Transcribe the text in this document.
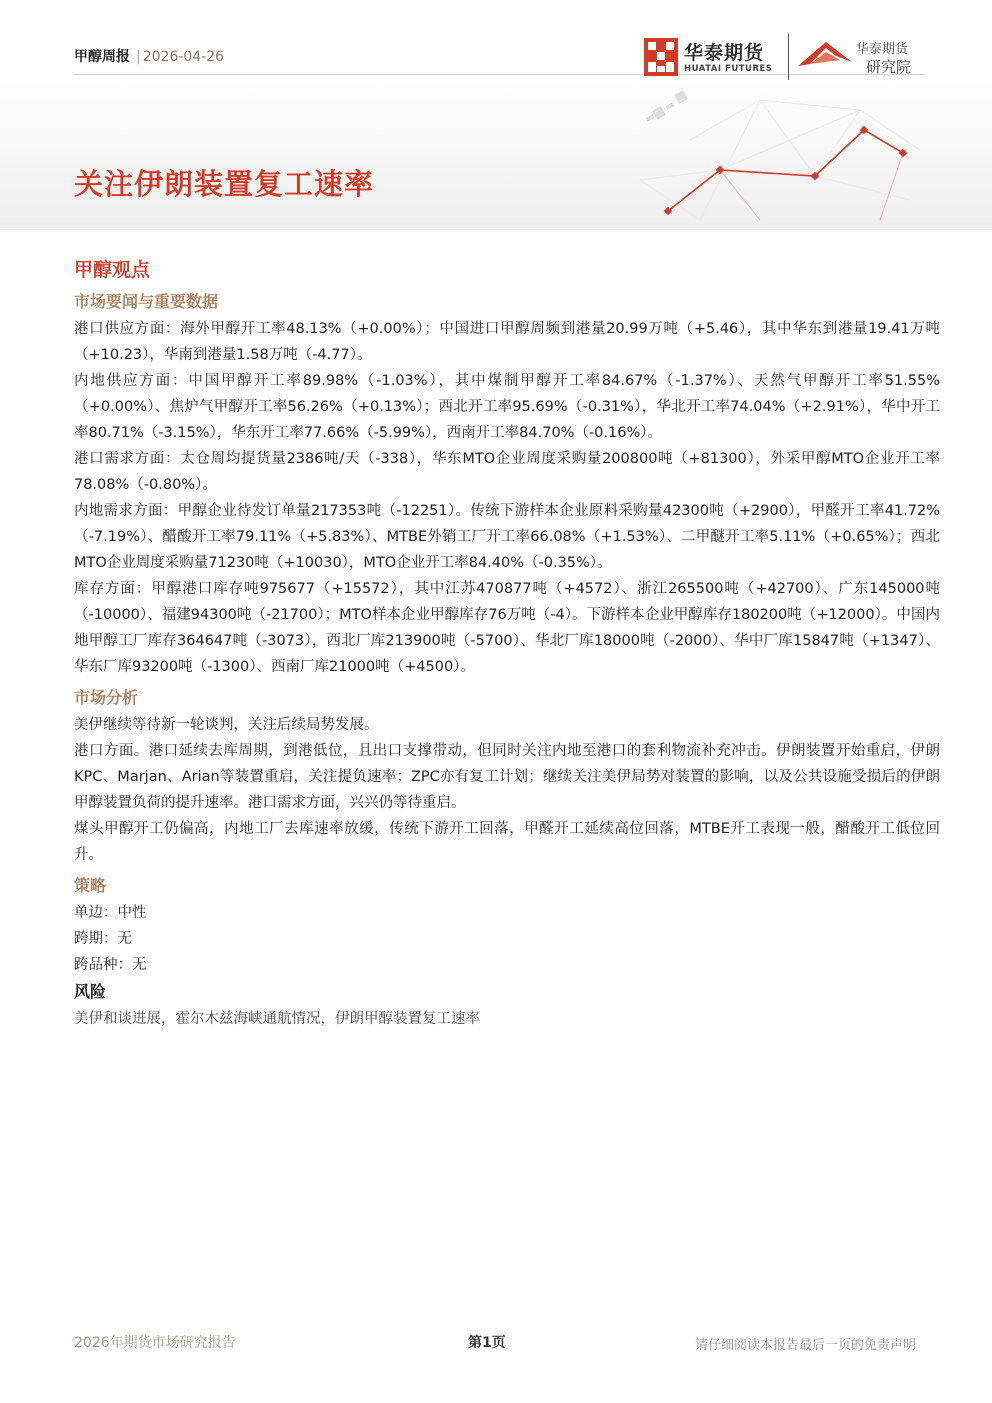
甲醇周报 | 2026-04-26	华泰期货
HUATAI FUTURES
华泰期货
研究院
关注伊朗装置复工速率
甲醇观点
市场要闻与重要数据

港口供应方面：海外甲醇开工率48.13%（+0.00%）；中国进口甲醇周频到港量20.99万吨（+5.46），其中华东到港量19.41万吨（+10.23），华南到港量1.58万吨（-4.77）。

内地供应方面：中国甲醇开工率89.98%（-1.03%），其中煤制甲醇开工率84.67%（-1.37%）、天然气甲醇开工率51.55%（+0.00%）、焦炉气甲醇开工率56.26%（+0.13%）；西北开工率95.69%（-0.31%），华北开工率74.04%（+2.91%），华中开工率80.71%（-3.15%），华东开工率77.66%（-5.99%），西南开工率84.70%（-0.16%）。

港口需求方面：太仓周均提货量2386吨/天（-338），华东MTO企业周度采购量200800吨（+81300），外采甲醇MTO企业开工率78.08%（-0.80%）。

内地需求方面：甲醇企业待发订单量217353吨（-12251）。传统下游样本企业原料采购量42300吨（+2900），甲醛开工率41.72%（-7.19%）、醋酸开工率79.11%（+5.83%）、MTBE外销工厂开工率66.08%（+1.53%）、二甲醚开工率5.11%（+0.65%）；西北MTO企业周度采购量71230吨（+10030），MTO企业开工率84.40%（-0.35%）。

库存方面：甲醇港口库存吨975677（+15572），其中江苏470877吨（+4572）、浙江265500吨（+42700）、广东145000吨（-10000）、福建94300吨（-21700）；MTO样本企业甲醇库存76万吨（-4）。下游样本企业甲醇库存180200吨（+12000）。中国内地甲醇工厂库存364647吨（-3073），西北厂库213900吨（-5700）、华北厂库18000吨（-2000）、华中厂库15847吨（+1347）、华东厂库93200吨（-1300）、西南厂库21000吨（+4500）。

市场分析

美伊继续等待新一轮谈判，关注后续局势发展。

港口方面。港口延续去库周期，到港低位，且出口支撑带动，但同时关注内地至港口的套利物流补充冲击。伊朗装置开始重启，伊朗KPC、Marjan、Arian等装置重启，关注提负速率；ZPC亦有复工计划；继续关注美伊局势对装置的影响，以及公共设施受损后的伊朗甲醇装置负荷的提升速率。港口需求方面，兴兴仍等待重启。

煤头甲醇开工仍偏高，内地工厂去库速率放缓，传统下游开工回落，甲醛开工延续高位回落，MTBE开工表现一般，醋酸开工低位回升。

策略

单边：中性

跨期：无

跨品种：无

风险

美伊和谈进展，霍尔木兹海峡通航情况，伊朗甲醇装置复工速率

2026年期货市场研究报告	第1页	请仔细阅读本报告最后一页的免责声明
